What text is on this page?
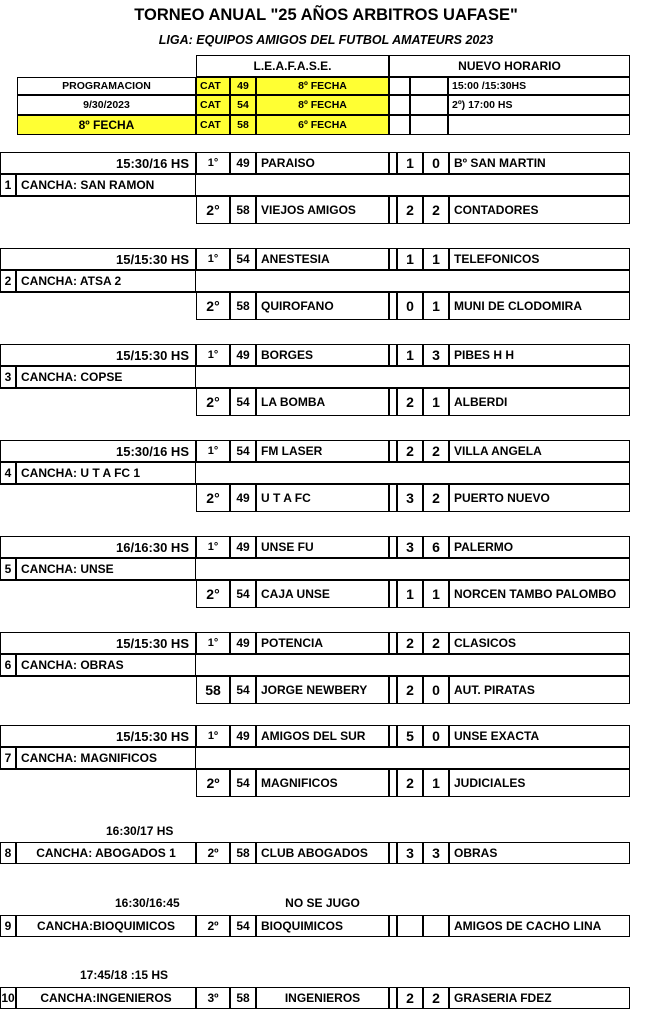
TORNEO ANUAL "25 AÑOS ARBITROS UAFASE"
LIGA: EQUIPOS AMIGOS DEL FUTBOL AMATEURS 2023
L.E.A.F.A.S.E.	NUEVO HORARIO
PROGRAMACION	CAT	49	8º FECHA	15:00 /15:30HS
9/30/2023	CAT	54	8º FECHA	2º) 17:00 HS
8º FECHA	CAT	58	6º FECHA
15:30/16 HS	1°	49 PARAISO	1	0	Bº SAN MARTIN
1 CANCHA: SAN RAMON
2°	58 VIEJOS AMIGOS	2	2	CONTADORES
15/15:30 HS	1°	54 ANESTESIA	1	1	TELEFONICOS
2 CANCHA: ATSA 2
2°	58 QUIROFANO	0	1	MUNI DE CLODOMIRA
15/15:30 HS	1°	49 BORGES	1	3	PIBES H H
3 CANCHA: COPSE
2°	54 LA BOMBA	2	1	ALBERDI
15:30/16 HS	1°	54 FM LASER	2	2	VILLA ANGELA
4 CANCHA: U T A FC 1
2°	49 U T A FC	3	2	PUERTO NUEVO
16/16:30 HS	1°	49 UNSE FU	3	6	PALERMO
5 CANCHA: UNSE
2°	54 CAJA UNSE	1	1	NORCEN TAMBO PALOMBO
15/15:30 HS	1°	49 POTENCIA	2	2	CLASICOS
6 CANCHA: OBRAS
58	54 JORGE NEWBERY	2	0	AUT. PIRATAS
15/15:30 HS	1º	49 AMIGOS DEL SUR	5	0	UNSE EXACTA
7 CANCHA: MAGNIFICOS
2º	54 MAGNIFICOS	2	1	JUDICIALES
16:30/17 HS
8	CANCHA: ABOGADOS 1	2º	58 CLUB ABOGADOS	3	3	OBRAS
16:30/16:45	NO SE JUGO
9	CANCHA:BIOQUIMICOS	2º	54 BIOQUIMICOS	AMIGOS DE CACHO LINA
17:45/18 :15 HS
10	CANCHA:INGENIEROS	3º	58	INGENIEROS	2	2	GRASERIA FDEZ
